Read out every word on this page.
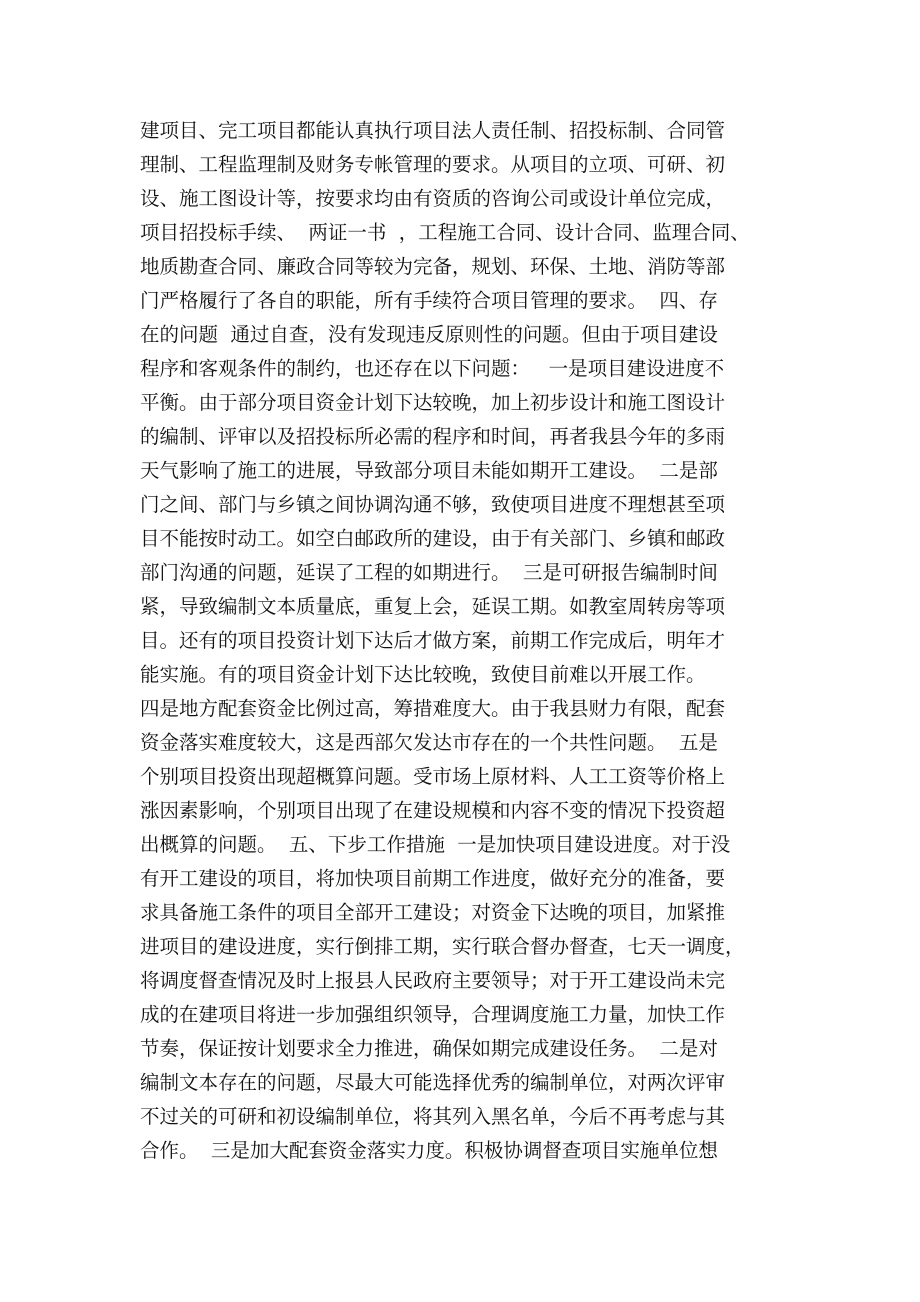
建项目、完工项目都能认真执行项目法人责任制、招投标制、合同管
理制、工程监理制及财务专帐管理的要求。从项目的立项、可研、初
设、施工图设计等，按要求均由有资质的咨询公司或设计单位完成，
项目招投标手续、  两证一书  ，工程施工合同、设计合同、监理合同、
地质勘查合同、廉政合同等较为完备，规划、环保、土地、消防等部
门严格履行了各自的职能，所有手续符合项目管理的要求。  四、存
在的问题  通过自查，没有发现违反原则性的问题。但由于项目建设
程序和客观条件的制约，也还存在以下问题：   一是项目建设进度不
平衡。由于部分项目资金计划下达较晚，加上初步设计和施工图设计
的编制、评审以及招投标所必需的程序和时间，再者我县今年的多雨
天气影响了施工的进展，导致部分项目未能如期开工建设。  二是部
门之间、部门与乡镇之间协调沟通不够，致使项目进度不理想甚至项
目不能按时动工。如空白邮政所的建设，由于有关部门、乡镇和邮政
部门沟通的问题，延误了工程的如期进行。  三是可研报告编制时间
紧，导致编制文本质量底，重复上会，延误工期。如教室周转房等项
目。还有的项目投资计划下达后才做方案，前期工作完成后，明年才
能实施。有的项目资金计划下达比较晚，致使目前难以开展工作。
四是地方配套资金比例过高，筹措难度大。由于我县财力有限，配套
资金落实难度较大，这是西部欠发达市存在的一个共性问题。  五是
个别项目投资出现超概算问题。受市场上原材料、人工工资等价格上
涨因素影响，个别项目出现了在建设规模和内容不变的情况下投资超
出概算的问题。  五、下步工作措施  一是加快项目建设进度。对于没
有开工建设的项目，将加快项目前期工作进度，做好充分的准备，要
求具备施工条件的项目全部开工建设；对资金下达晚的项目，加紧推
进项目的建设进度，实行倒排工期，实行联合督办督查，七天一调度，
将调度督查情况及时上报县人民政府主要领导；对于开工建设尚未完
成的在建项目将进一步加强组织领导，合理调度施工力量，加快工作
节奏，保证按计划要求全力推进，确保如期完成建设任务。  二是对
编制文本存在的问题，尽最大可能选择优秀的编制单位，对两次评审
不过关的可研和初设编制单位，将其列入黑名单，今后不再考虑与其
合作。  三是加大配套资金落实力度。积极协调督查项目实施单位想
